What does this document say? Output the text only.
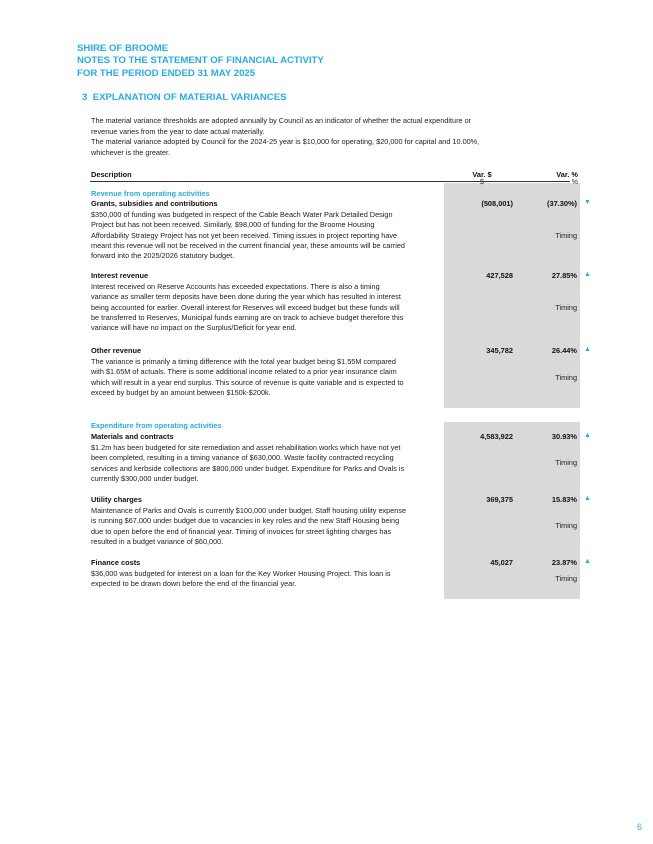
SHIRE OF BROOME
NOTES TO THE STATEMENT OF FINANCIAL ACTIVITY
FOR THE PERIOD ENDED 31 MAY 2025
3 EXPLANATION OF MATERIAL VARIANCES
The material variance thresholds are adopted annually by Council as an indicator of whether the actual expenditure or
revenue varies from the year to date actual materially.
The material variance adopted by Council for the 2024-25 year is $10,000 for operating, $20,000 for capital and 10.00%,
whichever is the greater.
Description	Var. $	Var. %
$	%
Revenue from operating activities
Grants, subsidies and contributions
$350,000 of funding was budgeted in respect of the Cable Beach Water Park Detailed Design
Project but has not been received. Similarly, $98,000 of funding for the Broome Housing
Affordability Strategy Project has not yet been received. Timing issues in project reporting have
meant this revenue will not be received in the current financial year, these amounts will be carried
forward into the 2025/2026 statutory budget.
(508,001)	(37.30%) ▼
Timing
Interest revenue
Interest received on Reserve Accounts has exceeded expectations. There is also a timing
variance as smaller term deposits have been done during the year which has resulted in interest
being accounted for earlier. Overall interest for Reserves will exceed budget but these funds will
be transferred to Reserves, Municipal funds earning are on track to achieve budget therefore this
variance will have no impact on the Surplus/Deficit for year end.
427,528	27.85% ▲
Timing
Other revenue
The variance is primarily a timing difference with the total year budget being $1.55M compared
with $1.65M of actuals. There is some additional income related to a prior year insurance claim
which will result in a year end surplus. This source of revenue is quite variable and is expected to
exceed by budget by an amount between $150k-$200k.
345,782	26.44% ▲
Timing
Expenditure from operating activities
Materials and contracts
$1.2m has been budgeted for site remediation and asset rehabilitation works which have not yet
been completed, resulting in a timing variance of $630,000. Waste facility contracted recycling
services and kerbside collections are $800,000 under budget. Expenditure for Parks and Ovals is
currently $300,000 under budget.
4,583,922	30.93% ▲
Timing
Utility charges
Maintenance of Parks and Ovals is currently $100,000 under budget. Staff housing utility expense
is running $67,000 under budget due to vacancies in key roles and the new Staff Housing being
due to open before the end of financial year. Timing of invoices for street lighting charges has
resulted in a budget variance of $60,000.
369,375	15.83% ▲
Timing
Finance costs
$36,000 was budgeted for interest on a loan for the Key Worker Housing Project. This loan is
expected to be drawn down before the end of the financial year.
45,027	23.87% ▲
Timing
6
